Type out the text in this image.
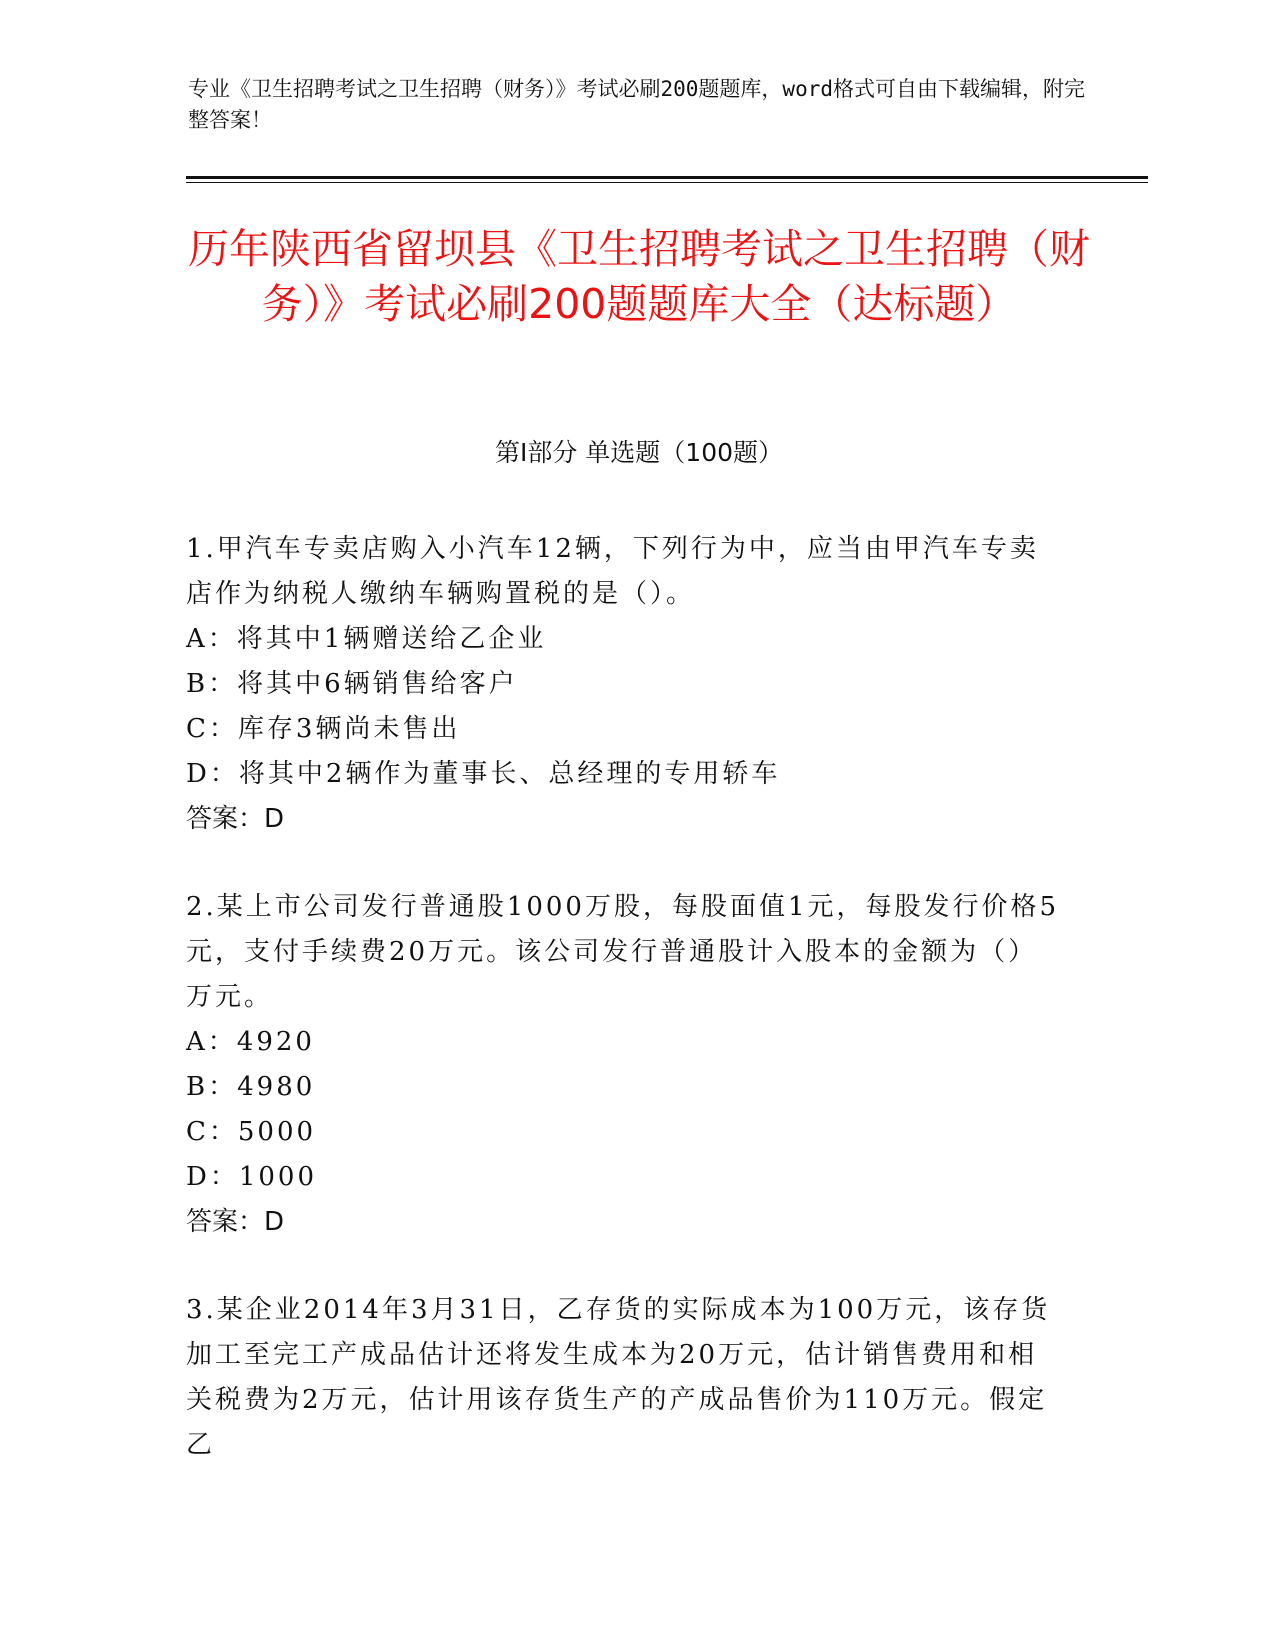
专业《卫生招聘考试之卫生招聘（财务）》考试必刷200题题库，word格式可自由下载编辑，附完整答案！
历年陕西省留坝县《卫生招聘考试之卫生招聘（财务）》考试必刷200题题库大全（达标题）
第Ⅰ部分 单选题（100题）
1.甲汽车专卖店购入小汽车12辆，下列行为中，应当由甲汽车专卖店作为纳税人缴纳车辆购置税的是（）。
A：将其中1辆赠送给乙企业
B：将其中6辆销售给客户
C：库存3辆尚未售出
D：将其中2辆作为董事长、总经理的专用轿车
答案：D
2.某上市公司发行普通股1000万股，每股面值1元，每股发行价格5元，支付手续费20万元。该公司发行普通股计入股本的金额为（）万元。
A：4920
B：4980
C：5000
D：1000
答案：D
3.某企业2014年3月31日，乙存货的实际成本为100万元，该存货加工至完工产成品估计还将发生成本为20万元，估计销售费用和相关税费为2万元，估计用该存货生产的产成品售价为110万元。假定乙
